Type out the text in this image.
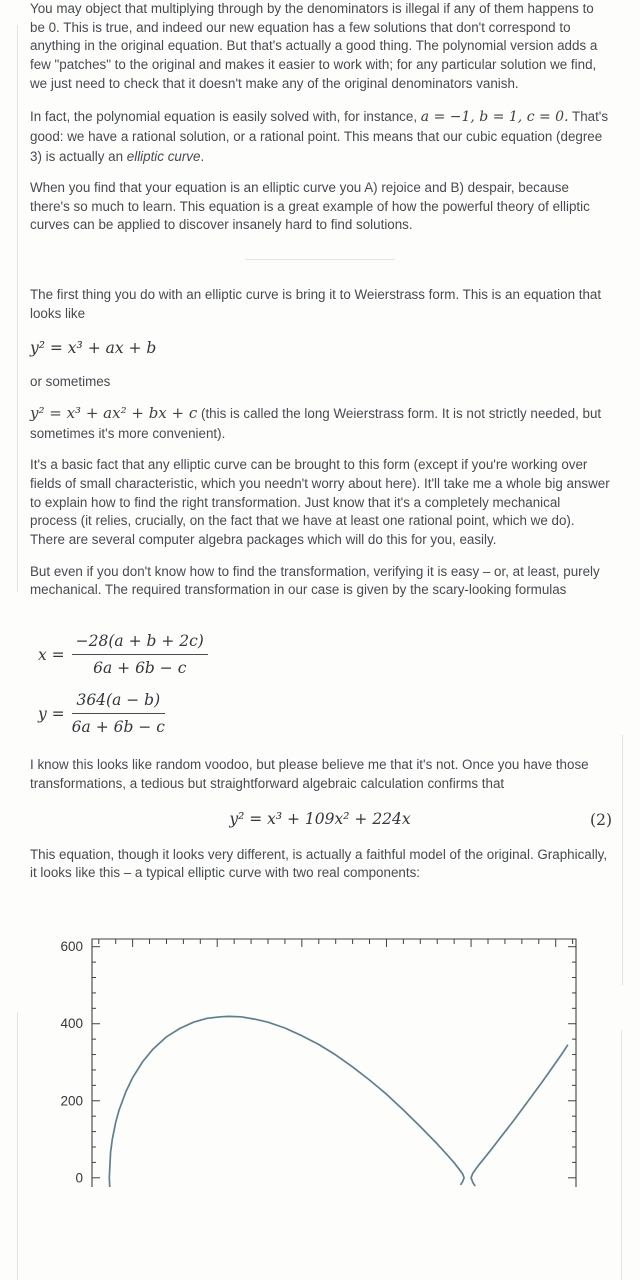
You may object that multiplying through by the denominators is illegal if any of them happens to be 0. This is true, and indeed our new equation has a few solutions that don't correspond to anything in the original equation. But that's actually a good thing. The polynomial version adds a few "patches" to the original and makes it easier to work with; for any particular solution we find, we just need to check that it doesn't make any of the original denominators vanish.

In fact, the polynomial equation is easily solved with, for instance, a = −1, b = 1, c = 0. That's good: we have a rational solution, or a rational point. This means that our cubic equation (degree 3) is actually an elliptic curve.

When you find that your equation is an elliptic curve you A) rejoice and B) despair, because there's so much to learn. This equation is a great example of how the powerful theory of elliptic curves can be applied to discover insanely hard to find solutions.

The first thing you do with an elliptic curve is bring it to Weierstrass form. This is an equation that looks like

y² = x³ + ax + b

or sometimes

y² = x³ + ax² + bx + c (this is called the long Weierstrass form. It is not strictly needed, but sometimes it's more convenient).

It's a basic fact that any elliptic curve can be brought to this form (except if you're working over fields of small characteristic, which you needn't worry about here). It'll take me a whole big answer to explain how to find the right transformation. Just know that it's a completely mechanical process (it relies, crucially, on the fact that we have at least one rational point, which we do). There are several computer algebra packages which will do this for you, easily.

But even if you don't know how to find the transformation, verifying it is easy – or, at least, purely mechanical. The required transformation in our case is given by the scary-looking formulas

$x = \frac{-28(a + b + 2c)}{6a + 6b - c}$
$y = \frac{364(a - b)}{6a + 6b - c}$

I know this looks like random voodoo, but please believe me that it's not. Once you have those transformations, a tedious but straightforward algebraic calculation confirms that

y² = x³ + 109x² + 224x	(2)

This equation, though it looks very different, is actually a faithful model of the original. Graphically, it looks like this – a typical elliptic curve with two real components:

0
200
400
600
